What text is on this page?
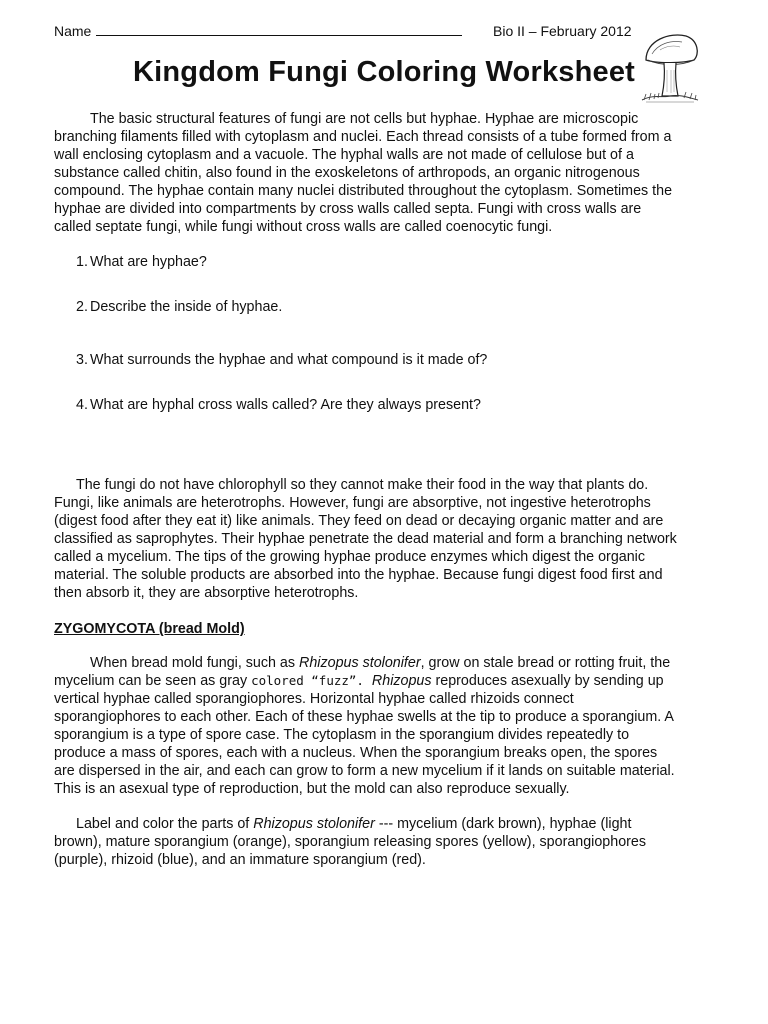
Name	Bio II – February 2012
Kingdom Fungi Coloring Worksheet

The basic structural features of fungi are not cells but hyphae. Hyphae are microscopic

branching filaments filled with cytoplasm and nuclei. Each thread consists of a tube formed from a

wall enclosing cytoplasm and a vacuole. The hyphal walls are not made of cellulose but of a

substance called chitin, also found in the exoskeletons of arthropods, an organic nitrogenous

compound. The hyphae contain many nuclei distributed throughout the cytoplasm. Sometimes the

hyphae are divided into compartments by cross walls called septa. Fungi with cross walls are

called septate fungi, while fungi without cross walls are called coenocytic fungi.

1. What are hyphae?

2. Describe the inside of hyphae.

3. What surrounds the hyphae and what compound is it made of?

4. What are hyphal cross walls called? Are they always present?

The fungi do not have chlorophyll so they cannot make their food in the way that plants do.

Fungi, like animals are heterotrophs. However, fungi are absorptive, not ingestive heterotrophs

(digest food after they eat it) like animals. They feed on dead or decaying organic matter and are

classified as saprophytes. Their hyphae penetrate the dead material and form a branching network

called a mycelium. The tips of the growing hyphae produce enzymes which digest the organic

material. The soluble products are absorbed into the hyphae. Because fungi digest food first and

then absorb it, they are absorptive heterotrophs.

ZYGOMYCOTA (bread Mold)

When bread mold fungi, such as Rhizopus stolonifer, grow on stale bread or rotting fruit, the

mycelium can be seen as gray colored “fuzz”. Rhizopus reproduces asexually by sending up

vertical hyphae called sporangiophores. Horizontal hyphae called rhizoids connect

sporangiophores to each other. Each of these hyphae swells at the tip to produce a sporangium. A

sporangium is a type of spore case. The cytoplasm in the sporangium divides repeatedly to

produce a mass of spores, each with a nucleus. When the sporangium breaks open, the spores

are dispersed in the air, and each can grow to form a new mycelium if it lands on suitable material.

This is an asexual type of reproduction, but the mold can also reproduce sexually.

Label and color the parts of Rhizopus stolonifer --- mycelium (dark brown), hyphae (light

brown), mature sporangium (orange), sporangium releasing spores (yellow), sporangiophores

(purple), rhizoid (blue), and an immature sporangium (red).
